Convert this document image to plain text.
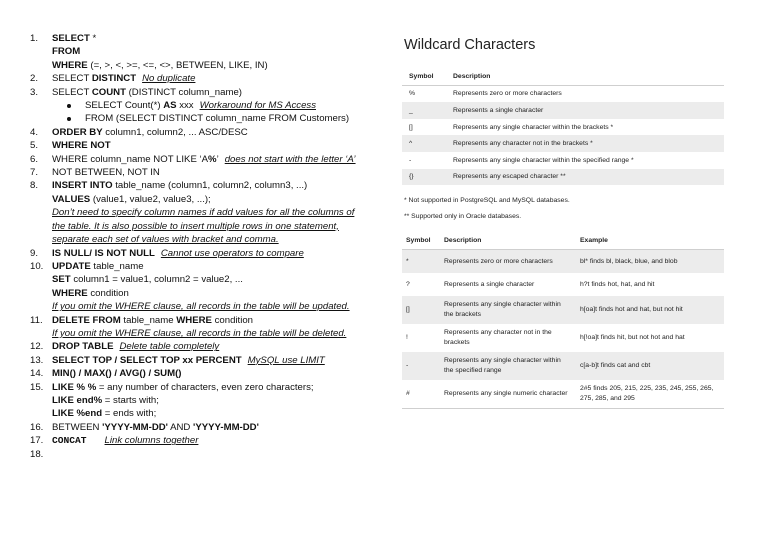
1.	SELECT *
FROM
WHERE (=, >, <, >=, <=, <>, BETWEEN, LIKE, IN)
2.	SELECT DISTINCT No duplicate
3.	SELECT COUNT (DISTINCT column_name)
SELECT Count(*) AS xxx Workaround for MS Access
FROM (SELECT DISTINCT column_name FROM Customers)
4.	ORDER BY column1, column2, ... ASC/DESC
5.	WHERE NOT
6.	WHERE column_name NOT LIKE ‘A%’ does not start with the letter ‘A’
7.	NOT BETWEEN, NOT IN
8.	INSERT INTO table_name (column1, column2, column3, ...)
VALUES (value1, value2, value3, ...);
Don’t need to specify column names if add values for all the columns of
the table. It is also possible to insert multiple rows in one statement,
separate each set of values with bracket and comma.
9.	IS NULL/ IS NOT NULL Cannot use operators to compare
10. UPDATE table_name
SET column1 = value1, column2 = value2, ...
WHERE condition
If you omit the WHERE clause, all records in the table will be updated.
11. DELETE FROM table_name WHERE condition
If you omit the WHERE clause, all records in the table will be deleted.
12. DROP TABLE Delete table completely
13. SELECT TOP / SELECT TOP xx PERCENT MySQL use LIMIT
14. MIN() / MAX() / AVG() / SUM()
15. LIKE % % = any number of characters, even zero characters;
LIKE end% = starts with;
LIKE %end = ends with;
16. BETWEEN 'YYYY-MM-DD' AND 'YYYY-MM-DD'
17. CONCAT Link columns together
18.
Wildcard Characters
Symbol	Description
%	Represents zero or more characters
_	Represents a single character
[]	Represents any single character within the brackets *
^	Represents any character not in the brackets *
-	Represents any single character within the specified range *
{}	Represents any escaped character **
* Not supported in PostgreSQL and MySQL databases.
** Supported only in Oracle databases.
Symbol	Description	Example
*	Represents zero or more characters	bl* finds bl, black, blue, and blob
?	Represents a single character	h?t finds hot, hat, and hit
[]	Represents any single character within the brackets	h[oa]t finds hot and hat, but not hit
!	Represents any character not in the brackets	h[!oa]t finds hit, but not hot and hat
-	Represents any single character within the specified range	c[a-b]t finds cat and cbt
#	Represents any single numeric character	2#5 finds 205, 215, 225, 235, 245, 255, 265, 275, 285, and 295
